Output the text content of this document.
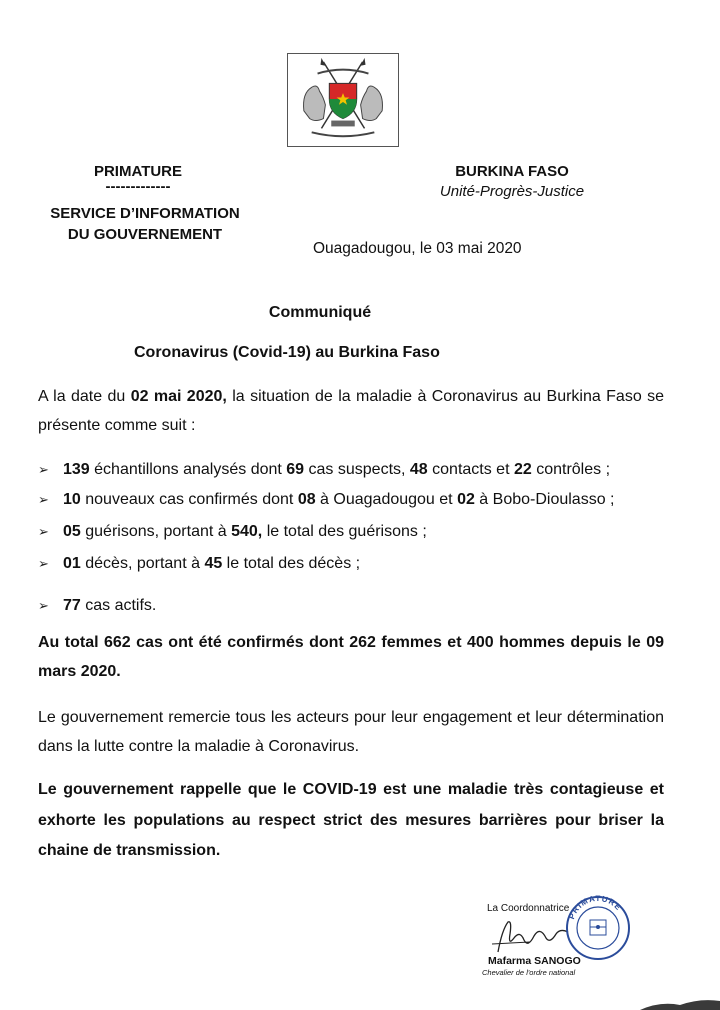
PRIMATURE
-------------
SERVICE D’INFORMATION
DU GOUVERNEMENT
BURKINA FASO
Unité-Progrès-Justice
Ouagadougou, le 03 mai 2020
Communiqué
Coronavirus (Covid-19) au Burkina Faso

A la date du 02 mai 2020, la situation de la maladie à Coronavirus au Burkina Faso se présente comme suit :

➢ 139 échantillons analysés dont 69 cas suspects, 48 contacts et 22 contrôles ;
➢ 10 nouveaux cas confirmés dont 08 à Ouagadougou et 02 à Bobo-Dioulasso ;
➢ 05 guérisons, portant à 540, le total des guérisons ;
➢ 01 décès, portant à 45 le total des décès ;
➢ 77 cas actifs.

Au total 662 cas ont été confirmés dont 262 femmes et 400 hommes depuis le 09 mars 2020.

Le gouvernement remercie tous les acteurs pour leur engagement et leur détermination dans la lutte contre la maladie à Coronavirus.

Le gouvernement rappelle que le COVID-19 est une maladie très contagieuse et exhorte les populations au respect strict des mesures barrières pour briser la chaine de transmission.

La Coordonnatrice
PRIMATURE
Mafarma SANOGO
Chevalier de l'ordre national
